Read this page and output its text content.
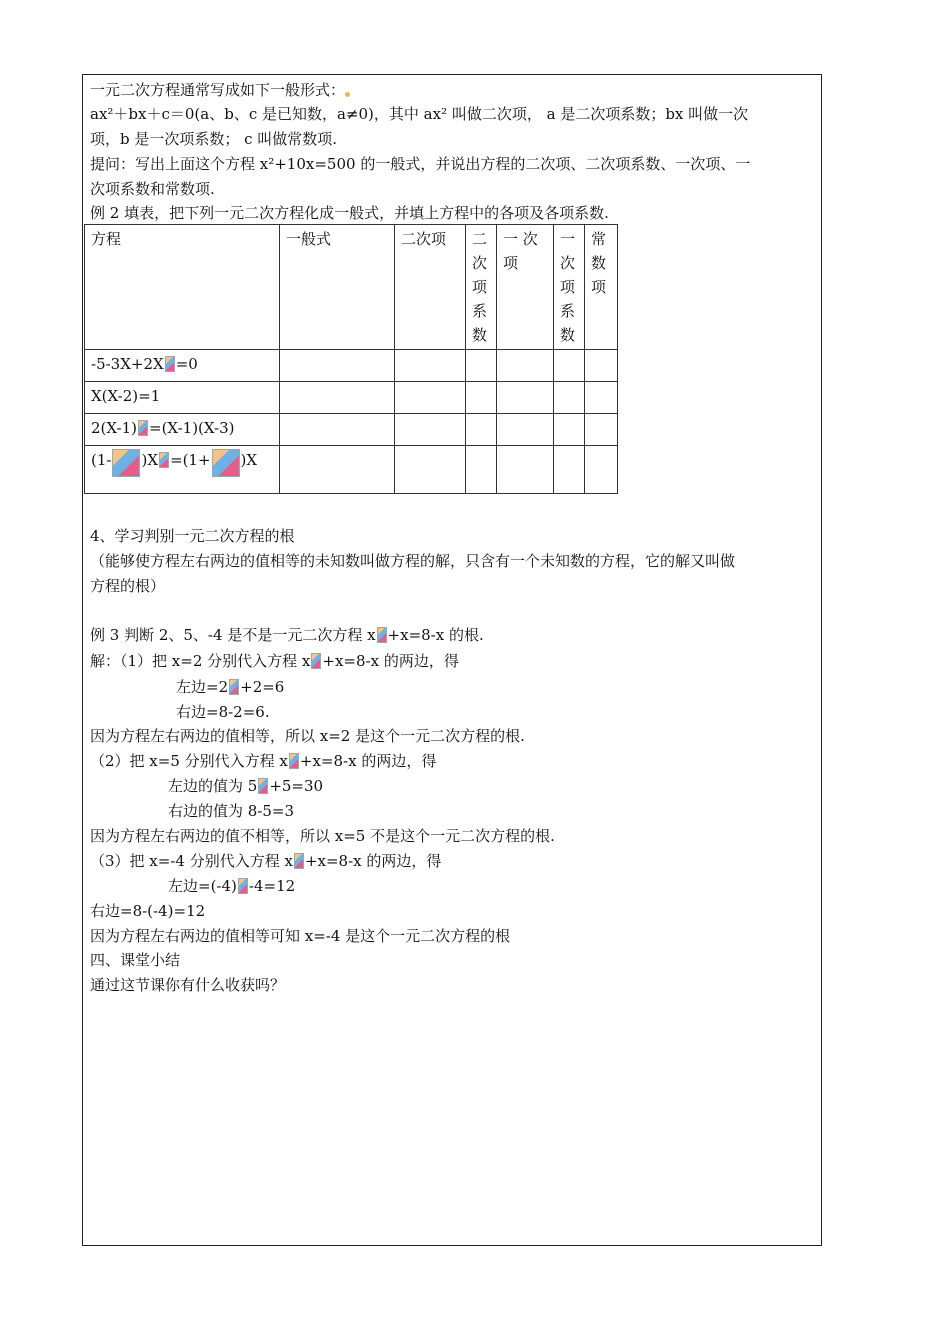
一元二次方程通常写成如下一般形式：
ax²＋bx＋c＝0(a、b、c 是已知数，a≠0)，其中 ax² 叫做二次项， a 是二次项系数；bx 叫做一次
项，b 是一次项系数； c 叫做常数项.
提问：写出上面这个方程 x²+10x=500 的一般式，并说出方程的二次项、二次项系数、一次项、一
次项系数和常数项.
例 2 填表，把下列一元二次方程化成一般式，并填上方程中的各项及各项系数.
方程	一般式	二次项	二次项系数	一 次项	一次项系数	常数项
-5-3X+2X =0						
X(X-2)=1						
2(X-1) =(X-1)(X-3)						
(1- )X =(1+ )X						
4、学习判别一元二次方程的根
（能够使方程左右两边的值相等的未知数叫做方程的解，只含有一个未知数的方程，它的解又叫做
方程的根）
例 3 判断 2、5、-4 是不是一元二次方程 x +x=8-x 的根.
解：（1）把 x=2 分别代入方程 x +x=8-x 的两边，得
左边=2 +2=6
右边=8-2=6.
因为方程左右两边的值相等，所以 x=2 是这个一元二次方程的根.
（2）把 x=5 分别代入方程 x +x=8-x 的两边，得
左边的值为 5 +5=30
右边的值为 8-5=3
因为方程左右两边的值不相等，所以 x=5 不是这个一元二次方程的根.
（3）把 x=-4 分别代入方程 x +x=8-x 的两边，得
左边=(-4) -4=12
右边=8-(-4)=12
因为方程左右两边的值相等可知 x=-4 是这个一元二次方程的根
四、课堂小结
通过这节课你有什么收获吗？
